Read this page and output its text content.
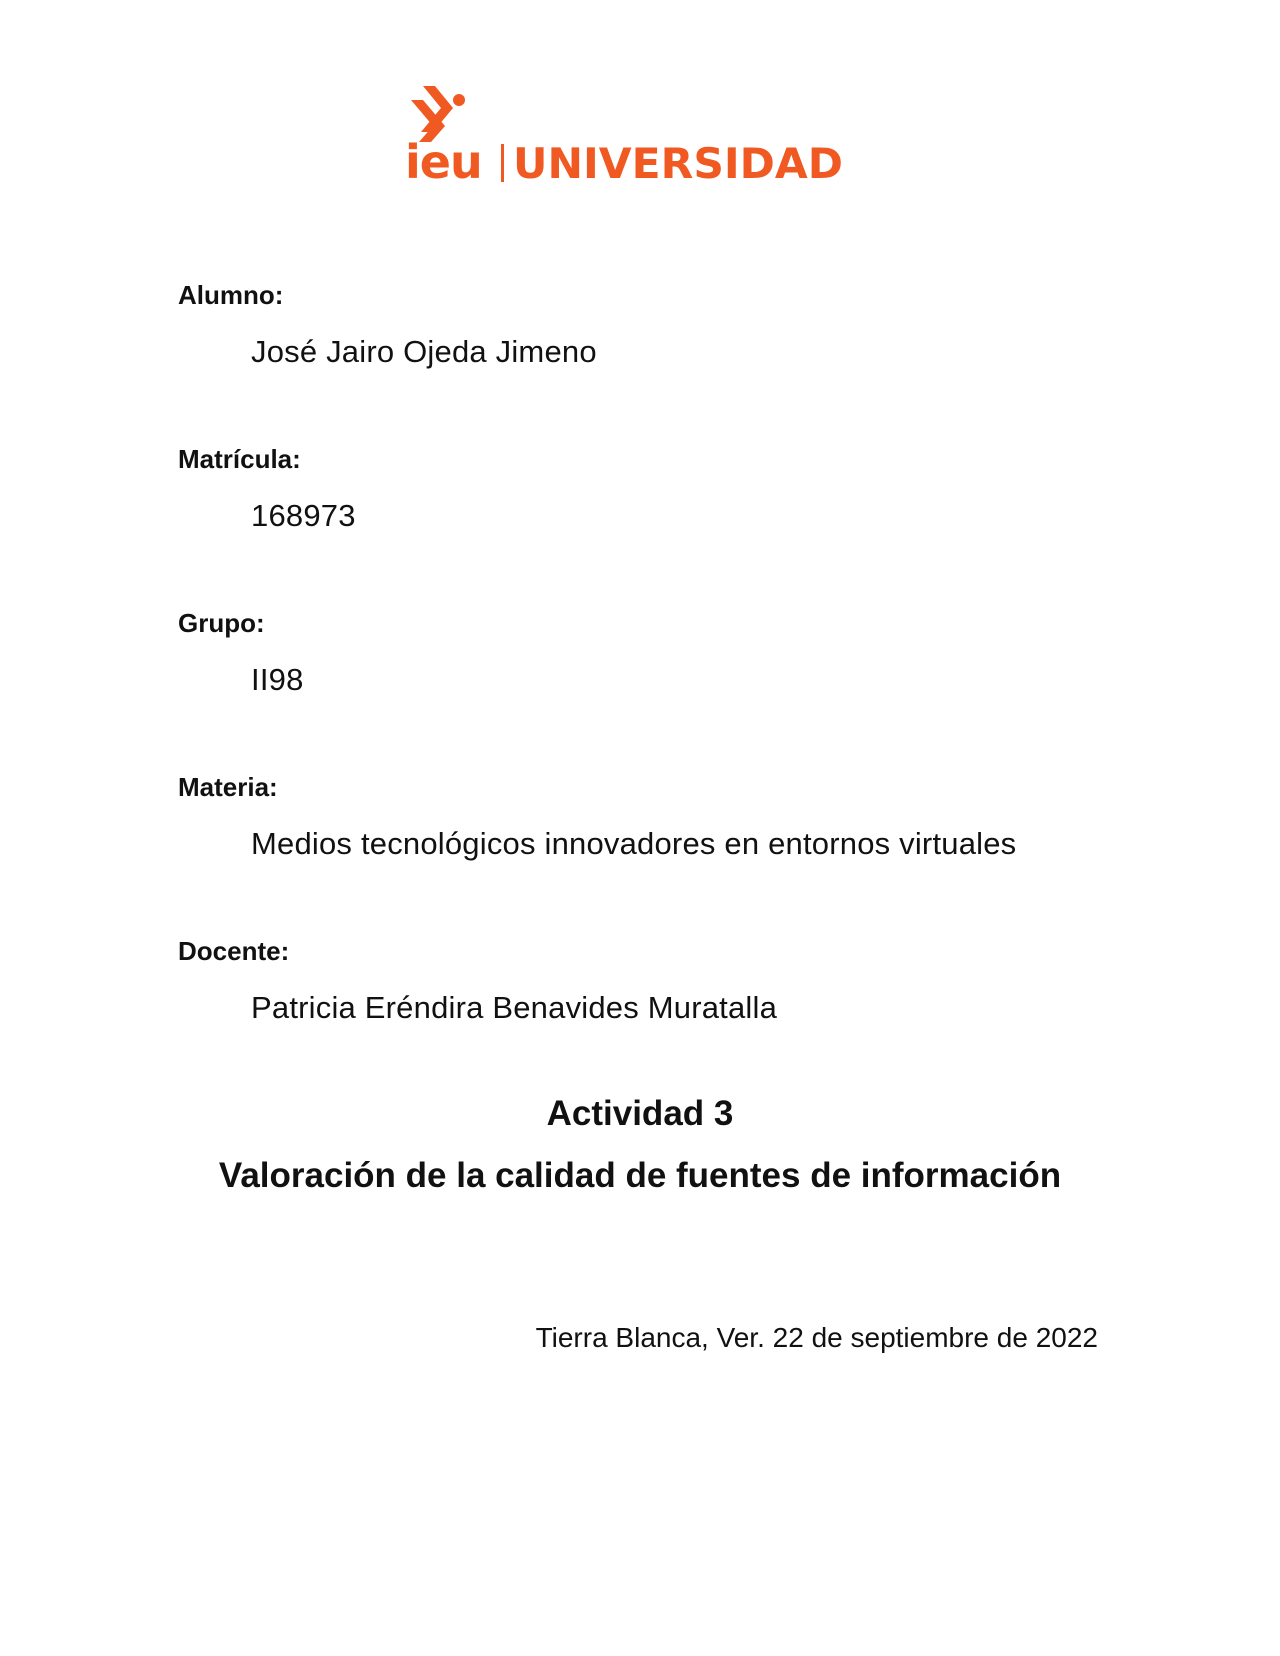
ieu UNIVERSIDAD

Alumno:

José Jairo Ojeda Jimeno

Matrícula:

168973

Grupo:

II98

Materia:

Medios tecnológicos innovadores en entornos virtuales

Docente:

Patricia Eréndira Benavides Muratalla

Actividad 3
Valoración de la calidad de fuentes de información

Tierra Blanca, Ver. 22 de septiembre de 2022
